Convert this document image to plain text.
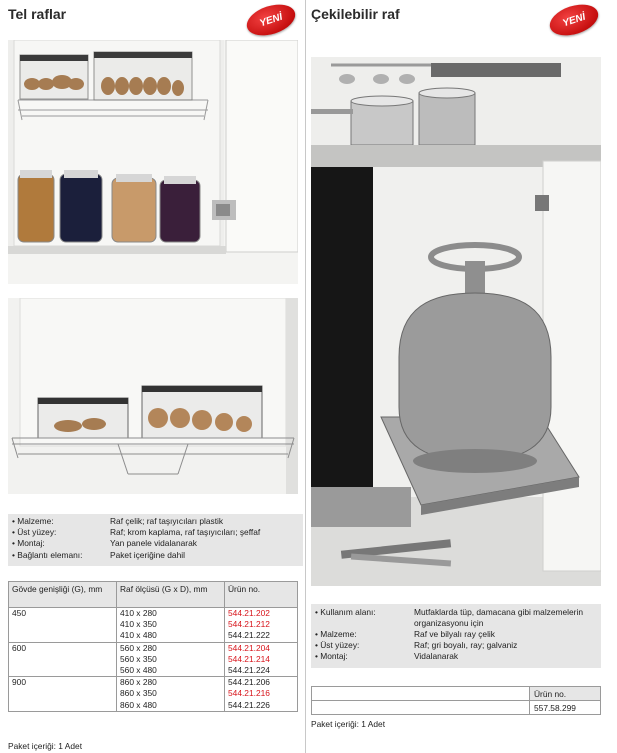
Tel raflar	YENİ
• Malzeme:	Raf çelik; raf taşıyıcıları plastik
• Üst yüzey:	Raf; krom kaplama, raf taşıyıcıları; şeffaf
• Montaj:	Yan panele vidalanarak
• Bağlantı elemanı:	Paket içeriğine dahil
Gövde genişliği (G), mm	Raf ölçüsü (G x D), mm	Ürün no.
450	410 x 280	544.21.202
	410 x 350	544.21.212
	410 x 480	544.21.222
600	560 x 280	544.21.204
	560 x 350	544.21.214
	560 x 480	544.21.224
900	860 x 280	544.21.206
	860 x 350	544.21.216
	860 x 480	544.21.226
Paket içeriği: 1 Adet
Çekilebilir raf	YENİ
• Kullanım alanı:	Mutfaklarda tüp, damacana gibi malzemelerin organizasyonu için
• Malzeme:	Raf ve bilyalı ray çelik
• Üst yüzey:	Raf; gri boyalı, ray; galvaniz
• Montaj:	Vidalanarak
	Ürün no.
	557.58.299
Paket içeriği: 1 Adet
